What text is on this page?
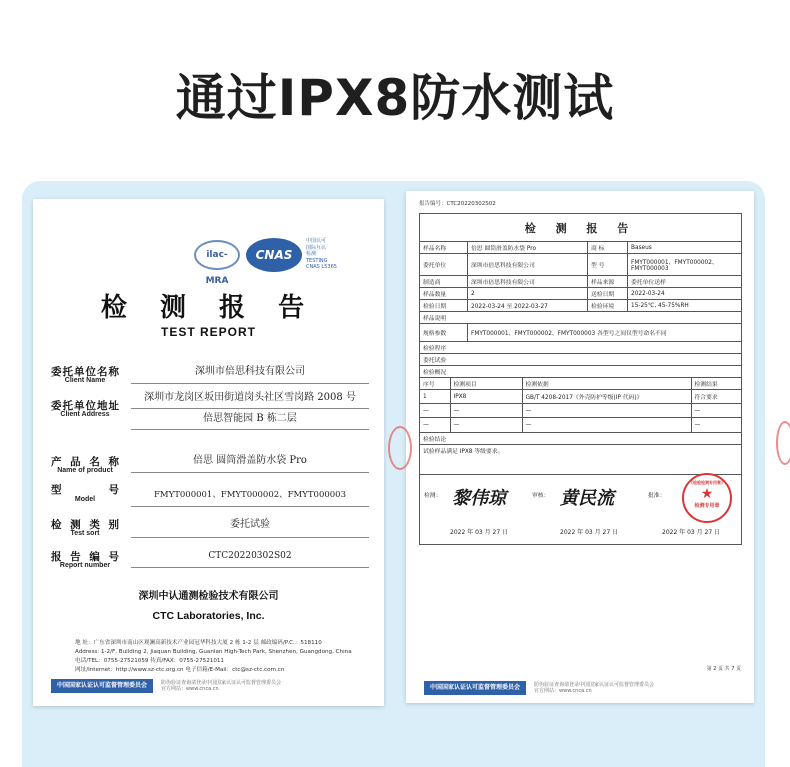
通过IPX8防水测试
ilac-MRA
CNAS
中国认可
国际互认
检测
TESTING
CNAS L5365
检 测 报 告
TEST REPORT
委托单位名称
Client Name
深圳市倍思科技有限公司
委托单位地址
Client Address
深圳市龙岗区坂田街道岗头社区雪岗路 2008 号
倍思智能园 B 栋二层
产 品 名 称
Name of product
倍思 圆筒滑盖防水袋 Pro
型 号
Model	FMYT000001、FMYT000002、FMYT000003
检 测 类 别
Test sort
委托试验
报 告 编 号
Report number
CTC20220302S02
深圳中认通测检验技术有限公司
CTC Laboratories, Inc.
地 址：广东省深圳市南山区观澜高新技术产业园冠华科技大厦 2 栋 1-2 层 邮政编码/P.C.：518110
Address: 1-2/F, Building 2, Jiaquan Building, Guanlan High-Tech Park, Shenzhen, Guangdong, China
电话/TEL：0755-27521059 传真/FAX：0755-27521011
网址/Internet：http://www.sz-ctc.org.cn 电子信箱/E-Mail：ctc@sz-ctc.com.cn
中国国家认证认可监督管理委员会	防伪验证查询请登录中国国家认证认可监督管理委员会
官方网站：www.cnca.cn
报告编号：CTC20220302S02
检 测 报 告
样品名称	倍思 圆筒滑盖防水袋 Pro	商 标	Baseus
委托单位	深圳市倍思科技有限公司	型 号	FMYT000001、FMYT000002、FMYT000003
制造商	深圳市倍思科技有限公司	样品来源	委托单位送样
样品数量	2	送检日期	2022-03-24
检验日期	2022-03-24 至 2022-03-27	检验环境	15-25℃, 45-75%RH
样品说明
规格参数	FMYT000001、FMYT000002、FMYT000003 各型号之间仅型号命名不同
检验程序
委托试验
检验概况

序号	检测项目	检测依据	检测结果
1	IPX8	GB/T 4208-2017《外壳防护等级(IP 代码)》	符合要求
—	—	—	—
—	—	—	—

检验结论
试验样品满足 IPX8 等级要求。

检测： 黎伟琼	审核： 黄民流	批准：
2022 年 03 月 27 日	2022 年 03 月 27 日	2022 年 03 月 27 日
(检验检测专用章)
★
检测专用章
第 2 页 共 7 页
中国国家认证认可监督管理委员会	防伪验证查询请登录中国国家认证认可监督管理委员会
官方网站：www.cnca.cn
